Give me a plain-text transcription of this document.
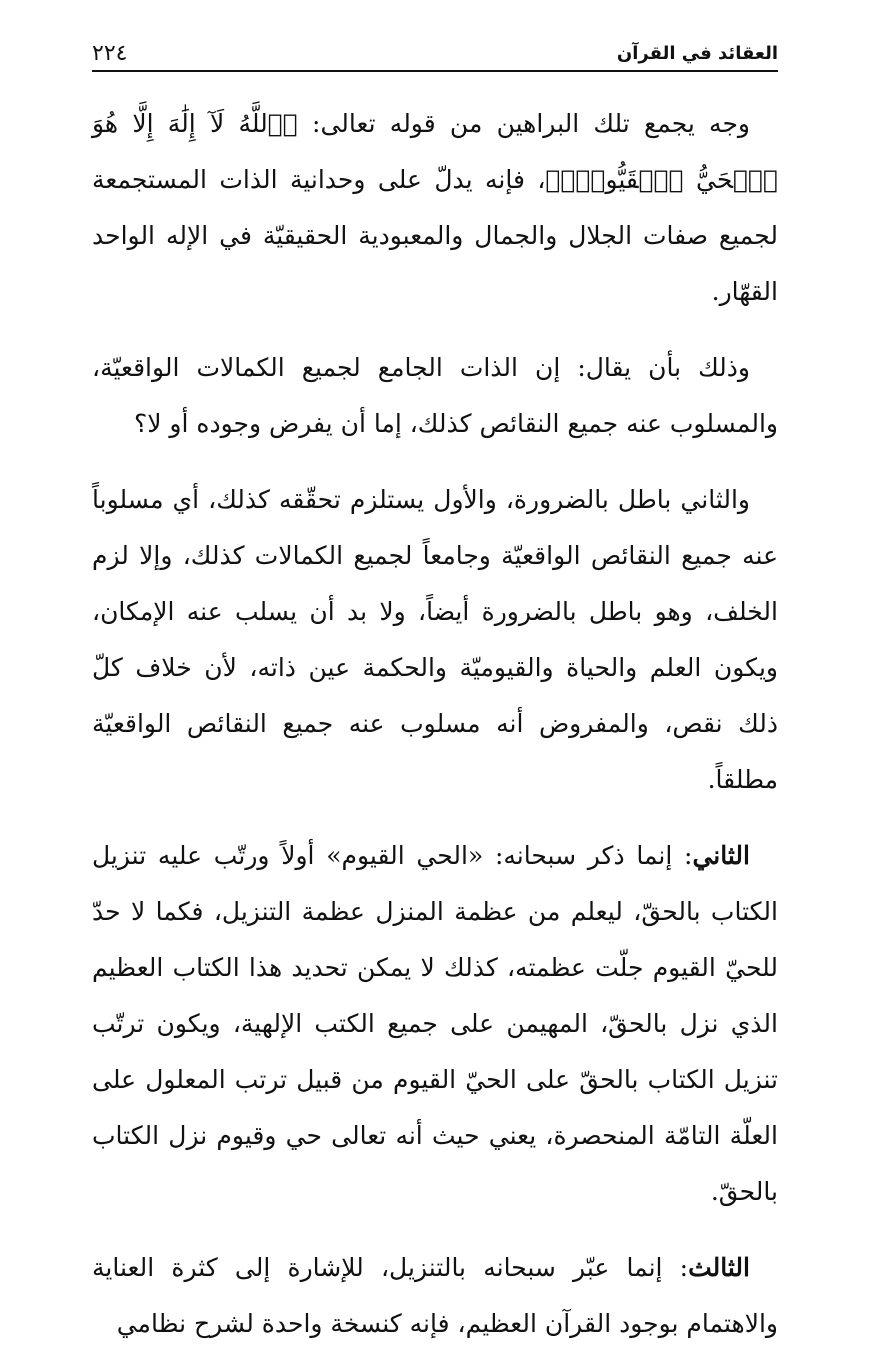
العقائد في القرآن
٢٢٤

وجه يجمع تلك البراهين من قوله تعالى: ﴿ٱللَّهُ لَآ إِلَٰهَ إِلَّا هُوَ ٱلۡحَيُّ ٱلۡقَيُّومُۚ﴾، فإنه يدلّ على وحدانية الذات المستجمعة لجميع صفات الجلال والجمال والمعبودية الحقيقيّة في الإله الواحد القهّار.

وذلك بأن يقال: إن الذات الجامع لجميع الكمالات الواقعيّة، والمسلوب عنه جميع النقائص كذلك، إما أن يفرض وجوده أو لا؟

والثاني باطل بالضرورة، والأول يستلزم تحقّقه كذلك، أي مسلوباً عنه جميع النقائص الواقعيّة وجامعاً لجميع الكمالات كذلك، وإلا لزم الخلف، وهو باطل بالضرورة أيضاً، ولا بد أن يسلب عنه الإمكان، ويكون العلم والحياة والقيوميّة والحكمة عين ذاته، لأن خلاف كلّ ذلك نقص، والمفروض أنه مسلوب عنه جميع النقائص الواقعيّة مطلقاً.

الثاني: إنما ذكر سبحانه: «الحي القيوم» أولاً ورتّب عليه تنزيل الكتاب بالحقّ، ليعلم من عظمة المنزل عظمة التنزيل، فكما لا حدّ للحيّ القيوم جلّت عظمته، كذلك لا يمكن تحديد هذا الكتاب العظيم الذي نزل بالحقّ، المهيمن على جميع الكتب الإلهية، ويكون ترتّب تنزيل الكتاب بالحقّ على الحيّ القيوم من قبيل ترتب المعلول على العلّة التامّة المنحصرة، يعني حيث أنه تعالى حي وقيوم نزل الكتاب بالحقّ.

الثالث: إنما عبّر سبحانه بالتنزيل، للإشارة إلى كثرة العناية والاهتمام بوجود القرآن العظيم، فإنه كنسخة واحدة لشرح نظامي
